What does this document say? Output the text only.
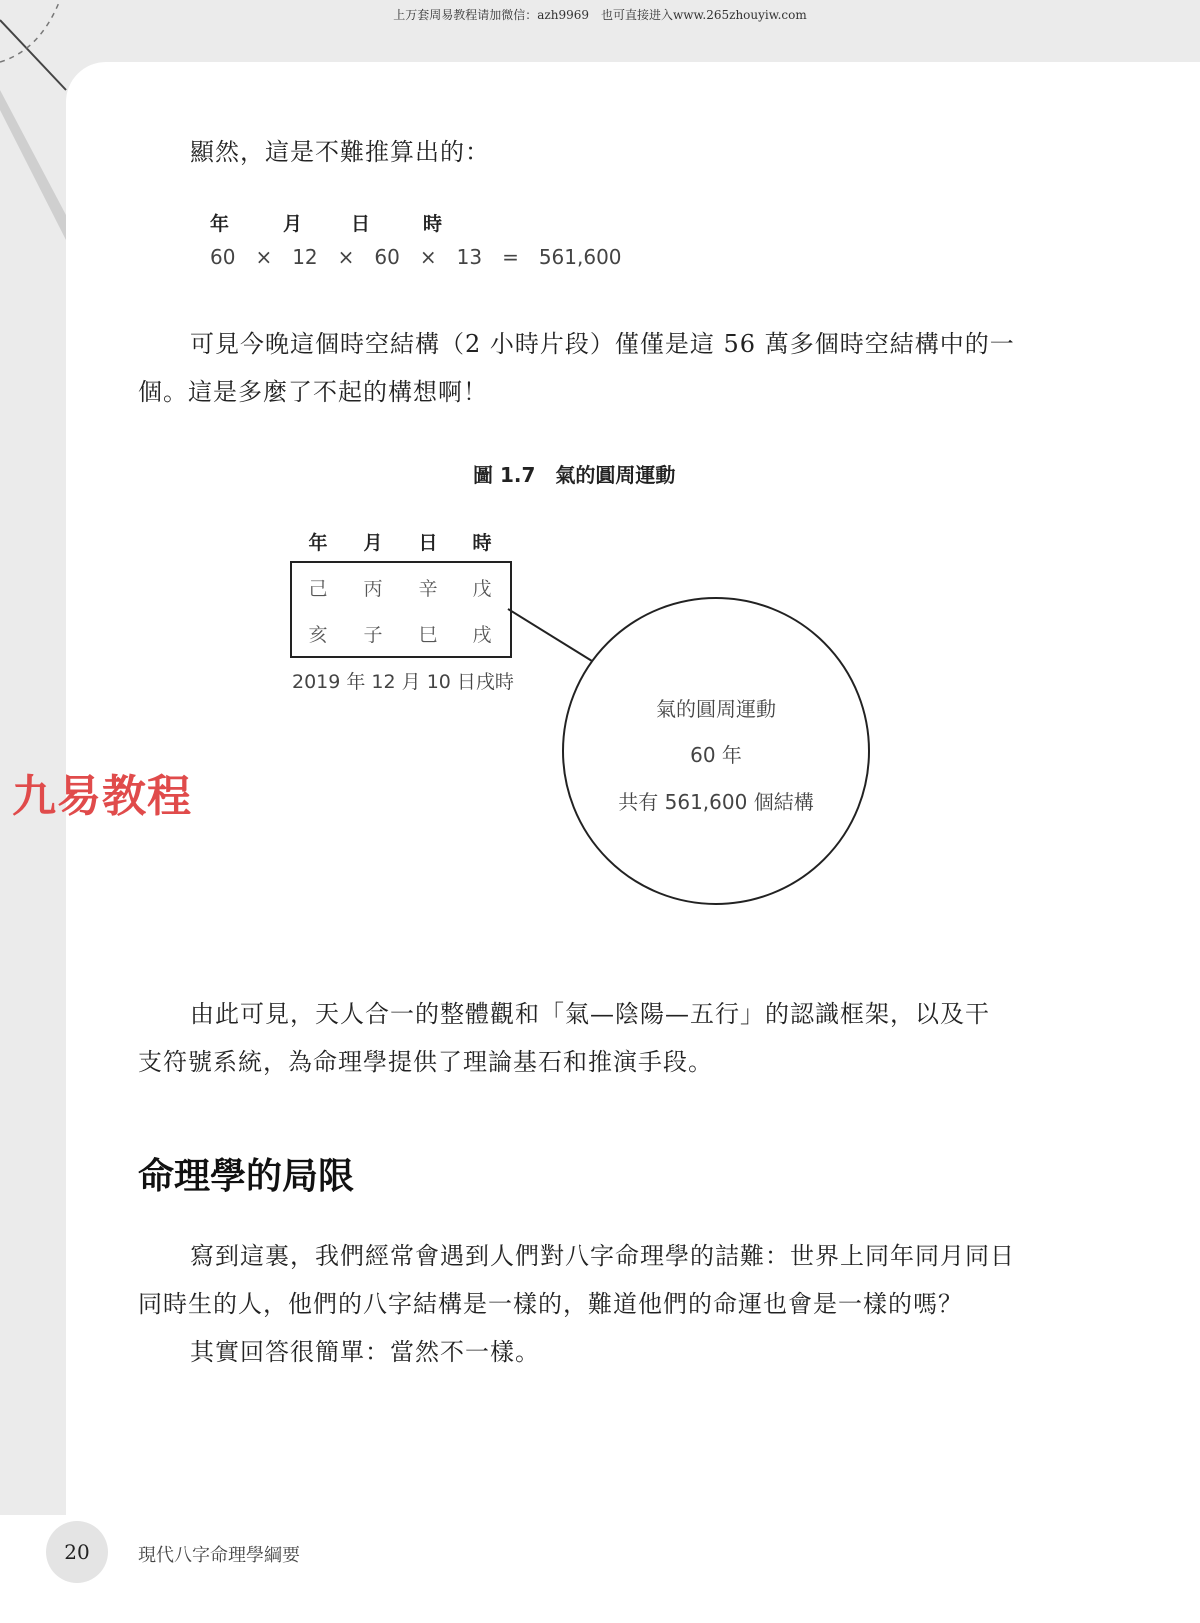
上万套周易教程请加微信：azh9969　也可直接进入www.265zhouyiw.com
顯然，這是不難推算出的：
年	月	日	時
60　×　12　×　60　×　13　=　561,600
可見今晚這個時空結構（2 小時片段）僅僅是這 56 萬多個時空結構中的一
個。這是多麼了不起的構想啊！
圖 1.7　氣的圓周運動
年	月	日	時
己	丙	辛	戊
亥	子	巳	戌
2019 年 12 月 10 日戌時
氣的圓周運動
60 年
共有 561,600 個結構
九易教程
由此可見，天人合一的整體觀和「氣—陰陽—五行」的認識框架，以及干
支符號系統，為命理學提供了理論基石和推演手段。
命理學的局限
寫到這裏，我們經常會遇到人們對八字命理學的詰難：世界上同年同月同日
同時生的人，他們的八字結構是一樣的，難道他們的命運也會是一樣的嗎？
其實回答很簡單：當然不一樣。
20	現代八字命理學綱要
